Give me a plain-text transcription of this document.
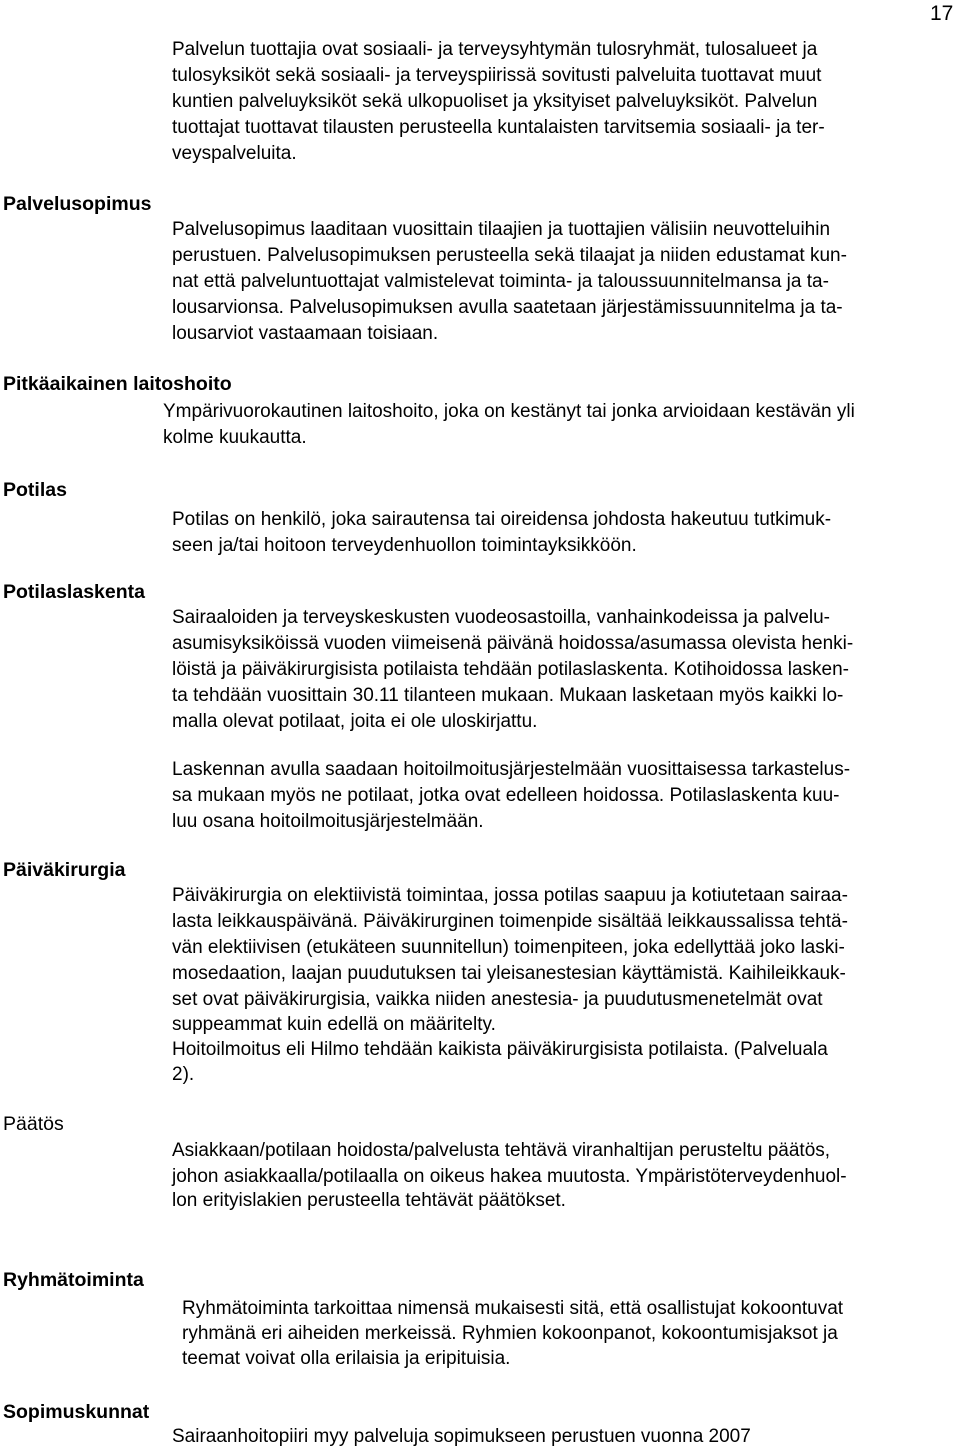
17
Palvelun tuottajia ovat sosiaali- ja terveysyhtymän tulosryhmät, tulosalueet ja
tulosyksiköt sekä sosiaali- ja terveyspiirissä sovitusti palveluita tuottavat muut
kuntien palveluyksiköt sekä ulkopuoliset ja yksityiset palveluyksiköt. Palvelun
tuottajat tuottavat tilausten perusteella kuntalaisten tarvitsemia sosiaali- ja ter-
veyspalveluita.
Palvelusopimus
Palvelusopimus laaditaan vuosittain tilaajien ja tuottajien välisiin neuvotteluihin
perustuen. Palvelusopimuksen perusteella sekä tilaajat ja niiden edustamat kun-
nat että palveluntuottajat valmistelevat toiminta- ja taloussuunnitelmansa ja ta-
lousarvionsa. Palvelusopimuksen avulla saatetaan järjestämissuunnitelma ja ta-
lousarviot vastaamaan toisiaan.
Pitkäaikainen laitoshoito
Ympärivuorokautinen laitoshoito, joka on kestänyt tai jonka arvioidaan kestävän yli
kolme kuukautta.
Potilas
Potilas on henkilö, joka sairautensa tai oireidensa johdosta hakeutuu tutkimuk-
seen ja/tai hoitoon terveydenhuollon toimintayksikköön.
Potilaslaskenta
Sairaaloiden ja terveyskeskusten vuodeosastoilla, vanhainkodeissa ja palvelu-
asumisyksiköissä vuoden viimeisenä päivänä hoidossa/asumassa olevista henki-
löistä ja päiväkirurgisista potilaista tehdään potilaslaskenta. Kotihoidossa lasken-
ta tehdään vuosittain 30.11 tilanteen mukaan. Mukaan lasketaan myös kaikki lo-
malla olevat potilaat, joita ei ole uloskirjattu.
Laskennan avulla saadaan hoitoilmoitusjärjestelmään vuosittaisessa tarkastelus-
sa mukaan myös ne potilaat, jotka ovat edelleen hoidossa. Potilaslaskenta kuu-
luu osana hoitoilmoitusjärjestelmään.
Päiväkirurgia
Päiväkirurgia on elektiivistä toimintaa, jossa potilas saapuu ja kotiutetaan sairaa-
lasta leikkauspäivänä. Päiväkirurginen toimenpide sisältää leikkaussalissa tehtä-
vän elektiivisen (etukäteen suunnitellun) toimenpiteen, joka edellyttää joko laski-
mosedaation, laajan puudutuksen tai yleisanestesian käyttämistä. Kaihileikkauk-
set ovat päiväkirurgisia, vaikka niiden anestesia- ja puudutusmenetelmät ovat
suppeammat kuin edellä on määritelty.
Hoitoilmoitus eli Hilmo tehdään kaikista päiväkirurgisista potilaista. (Palveluala
2).
Päätös
Asiakkaan/potilaan hoidosta/palvelusta tehtävä viranhaltijan perusteltu päätös,
johon asiakkaalla/potilaalla on oikeus hakea muutosta. Ympäristöterveydenhuol-
lon erityislakien perusteella tehtävät päätökset.
Ryhmätoiminta
Ryhmätoiminta tarkoittaa nimensä mukaisesti sitä, että osallistujat kokoontuvat
ryhmänä eri aiheiden merkeissä. Ryhmien kokoonpanot, kokoontumisjaksot ja
teemat voivat olla erilaisia ja eripituisia.
Sopimuskunnat
Sairaanhoitopiiri myy palveluja sopimukseen perustuen vuonna 2007
